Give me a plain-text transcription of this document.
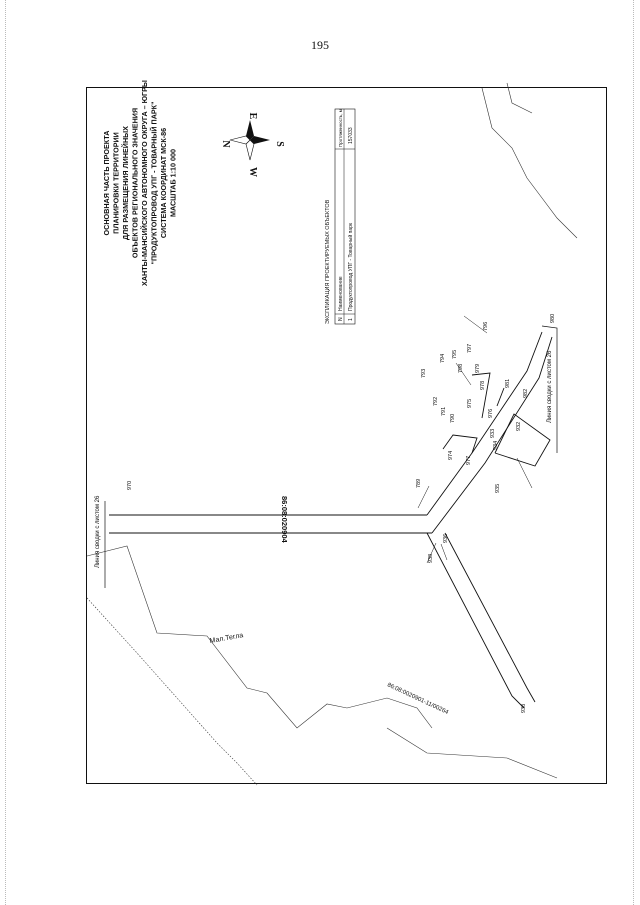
195
Мал.Тегла
86:08:020904
86:08:0020901-11/00264
Линия сводки с листом 26
Линия сводки с листом 26
970	789
938
936
938
974
977
790
791
792
793
794 795
796
797
798
975
976
978
979
981
935
934
933
932
980
982
ЭКСПЛИКАЦИЯ ПРОЕКТИРУЕМЫХ ОБЪЕКТОВ N
Наименование
Протяженность, м
1
Продуктопровод УПГ - Товарный парк
157033
E
W
N	S
ОСНОВНАЯ ЧАСТЬ ПРОЕКТА ПЛАНИРОВКИ ТЕРРИТОРИИ ДЛЯ РАЗМЕЩЕНИЯ ЛИНЕЙНЫХ ОБЪЕКТОВ РЕГИОНАЛЬНОГО ЗНАЧЕНИЯ ХАНТЫ-МАНСИЙСКОГО АВТОНОМНОГО ОКРУГА – ЮГРЫ "ПРОДУКТОПРОВОД УПГ - ТОВАРНЫЙ ПАРК" СИСТЕМА КООРДИНАТ МСК-86 МАСШТАБ 1:10 000
